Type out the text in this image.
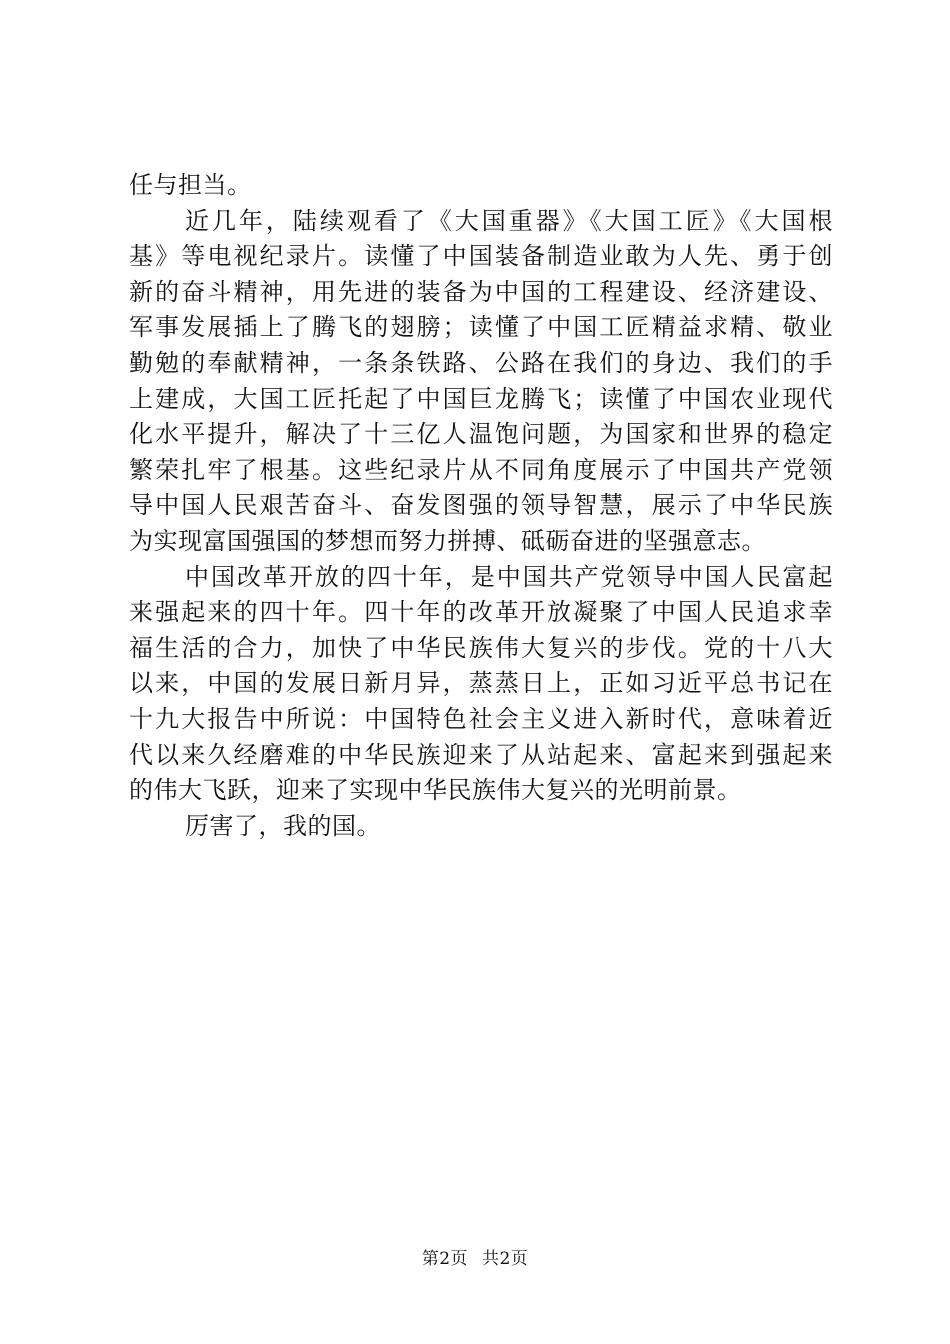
任与担当。
近几年，陆续观看了《大国重器》《大国工匠》《大国根
基》等电视纪录片。读懂了中国装备制造业敢为人先、勇于创
新的奋斗精神，用先进的装备为中国的工程建设、经济建设、
军事发展插上了腾飞的翅膀；读懂了中国工匠精益求精、敬业
勤勉的奉献精神，一条条铁路、公路在我们的身边、我们的手
上建成，大国工匠托起了中国巨龙腾飞；读懂了中国农业现代
化水平提升，解决了十三亿人温饱问题，为国家和世界的稳定
繁荣扎牢了根基。这些纪录片从不同角度展示了中国共产党领
导中国人民艰苦奋斗、奋发图强的领导智慧，展示了中华民族
为实现富国强国的梦想而努力拼搏、砥砺奋进的坚强意志。
中国改革开放的四十年，是中国共产党领导中国人民富起
来强起来的四十年。四十年的改革开放凝聚了中国人民追求幸
福生活的合力，加快了中华民族伟大复兴的步伐。党的十八大
以来，中国的发展日新月异，蒸蒸日上，正如习近平总书记在
十九大报告中所说：中国特色社会主义进入新时代，意味着近
代以来久经磨难的中华民族迎来了从站起来、富起来到强起来
的伟大飞跃，迎来了实现中华民族伟大复兴的光明前景。
厉害了，我的国。
第2页 共2页
